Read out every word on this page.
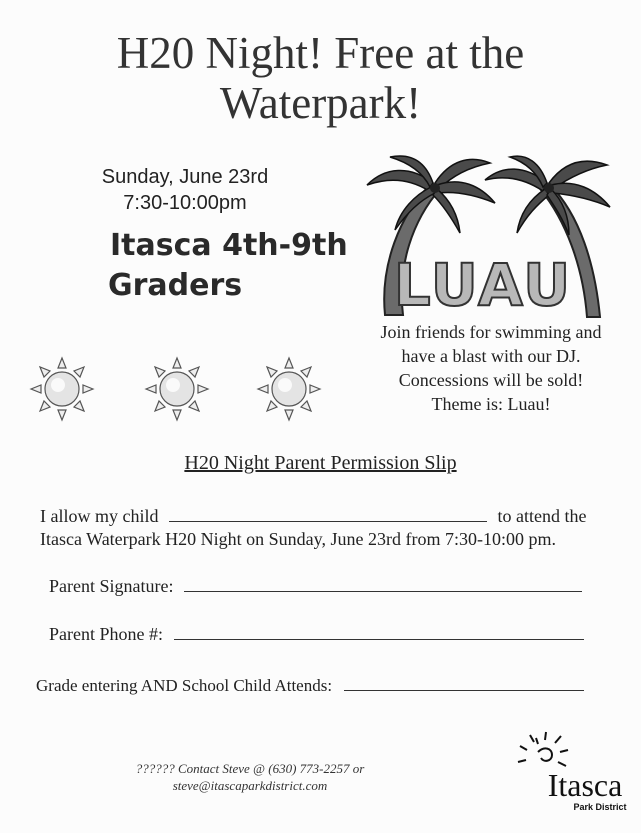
H20 Night! Free at the
Waterpark!
Sunday, June 23rd
7:30-10:00pm
Itasca 4th-9th
Graders	LUAU
Join friends for swimming and
have a blast with our DJ.
Concessions will be sold!
Theme is: Luau!
H20 Night Parent Permission Slip
I allow my child	to attend the
Itasca Waterpark H20 Night on Sunday, June 23rd from 7:30-10:00 pm.
Parent Signature:
Parent Phone #:
Grade entering AND School Child Attends:
?????? Contact Steve @ (630) 773-2257 or
steve@itascaparkdistrict.com	Itasca
Park District
